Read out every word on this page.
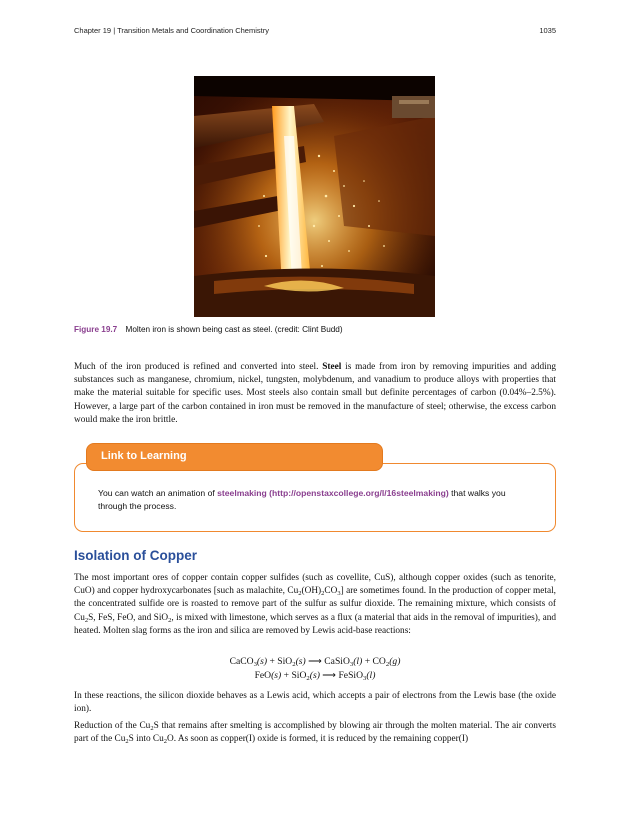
Chapter 19 | Transition Metals and Coordination Chemistry	1035
Figure 19.7 Molten iron is shown being cast as steel. (credit: Clint Budd)

Much of the iron produced is refined and converted into steel. Steel is made from iron by removing impurities and adding substances such as manganese, chromium, nickel, tungsten, molybdenum, and vanadium to produce alloys with properties that make the material suitable for specific uses. Most steels also contain small but definite percentages of carbon (0.04%–2.5%). However, a large part of the carbon contained in iron must be removed in the manufacture of steel; otherwise, the excess carbon would make the iron brittle.

Link to Learning

You can watch an animation of steelmaking (http://openstaxcollege.org/l/16steelmaking) that walks you through the process.

Isolation of Copper

The most important ores of copper contain copper sulfides (such as covellite, CuS), although copper oxides (such as tenorite, CuO) and copper hydroxycarbonates [such as malachite, $Cu_2(OH)_2CO_3$] are sometimes found. In the production of copper metal, the concentrated sulfide ore is roasted to remove part of the sulfur as sulfur dioxide. The remaining mixture, which consists of $Cu_2S$, FeS, FeO, and SiO$_2$, is mixed with limestone, which serves as a flux (a material that aids in the removal of impurities), and heated. Molten slag forms as the iron and silica are removed by Lewis acid-base reactions:

CaCO$_3$(s) + SiO$_2$(s) ⟶ CaSiO$_3$(l) + $CO_2(g)$
FeO(s) + SiO$_2$(s) ⟶ FeSiO$_3$(l)

In these reactions, the silicon dioxide behaves as a Lewis acid, which accepts a pair of electrons from the Lewis base (the oxide ion).

Reduction of the $Cu_2S$ that remains after smelting is accomplished by blowing air through the molten material. The air converts part of the $Cu_2S$ into $Cu_2O$. As soon as copper(I) oxide is formed, it is reduced by the remaining copper(I)
